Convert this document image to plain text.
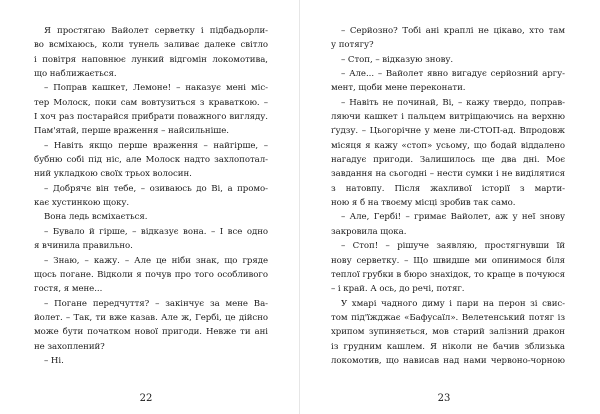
Я простягаю Вайолет серветку і підбадьорли-
во всміхаюсь, коли тунель заливає далеке світло
і повітря наповнює лункий відгомін локомотива,
що наближається.
– Поправ кашкет, Лемоне! – наказує мені міс-
тер Молоск, поки сам вовтузиться з краваткою. –
І хоч раз постарайся прибрати поважного вигляду.
Пам'ятай, перше враження – найсильніше.
– Навіть якщо перше враження – найгірше, –
бубню собі під ніс, але Молоск надто захлопотал-
ний укладкою своїх трьох волосин.
– Добрячє він тебе, – озиваюсь до Ві, а промо-
кає хустинкою щоку.
Вона ледь всміхається.
– Бувало й гірше, – відказує вона. – І все одно
я вчинила правильно.
– Знаю, – кажу. – Але це ніби знак, що гряде
щось погане. Відколи я почув про того особливого
гостя, я мене...
– Погане передчуття? – закінчує за мене Ва-
йолет. – Так, ти вже казав. Але ж, Гербі, це дійсно
може бути початком нової пригоди. Невже ти ані
не захоплений?
– Ні.
– Серйозно? Тобі ані краплі не цікаво, хто там
у потягу?
– Стоп, – відказую знову.
– Але... – Вайолет явно вигадує серйозний аргу-
мент, щоби мене переконати.
– Навіть не починай, Ві, – кажу твердо, поправ-
ляючи кашкет і пальцем витріщаючись на верхню
ґудзу. – Цьогорічне у мене ли-СТОП-ад. Впродовж
місяця я кажу «стоп» усьому, що бодай віддалено
нагадує пригоди. Залишилось ще два дні. Моє
завдання на сьогодні – нести сумки і не виділятися
з натовпу. Після жахливої історії з марти-
ною я б на твоєму місці зробив так само.
– Але, Гербі! – гримає Вайолет, аж у неї знову
закровила щока.
– Стоп! – рішуче заявляю, простягнувши їй
нову серветку. – Що швидше ми опинимося біля
теплої грубки в бюро знахідок, то краще в почуюся
– і край. А ось, до речі, потяг.
У хмарі чадного диму і пари на перон зі свис-
том під'їжджає «Бафусаїл». Велетенський потяг із
хрипом зупиняється, мов старий залізний дракон
із грудним кашлем. Я ніколи не бачив зблизька
локомотив, що нависав над нами червоно-чорною
22	23
